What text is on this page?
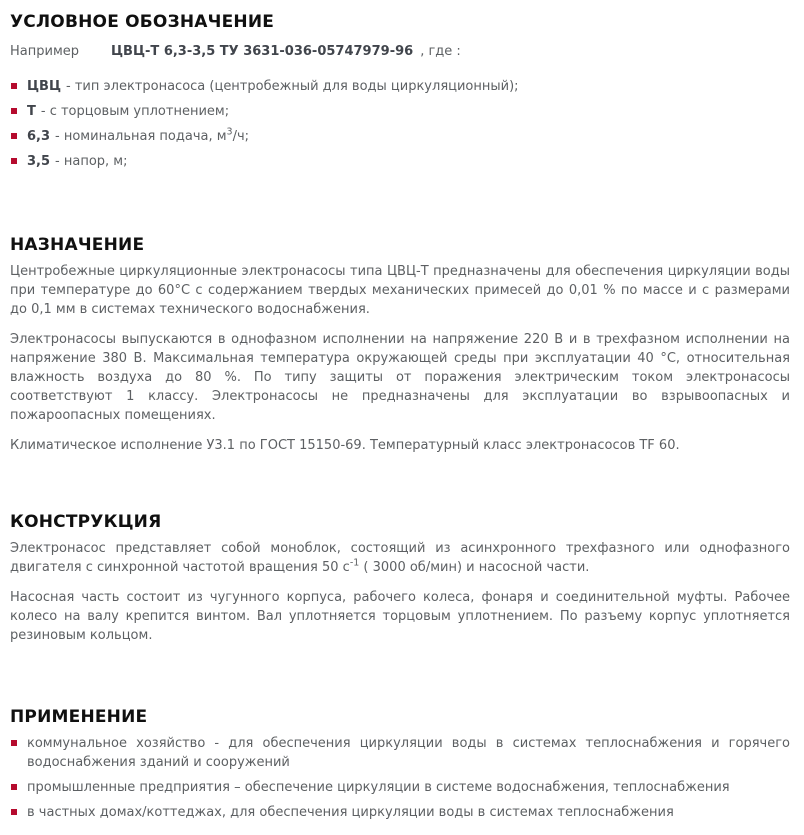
УСЛОВНОЕ ОБОЗНАЧЕНИЕ
Например ЦВЦ-Т 6,3-3,5 ТУ 3631-036-05747979-96 , где :
ЦВЦ - тип электронасоса (центробежный для воды циркуляционный);
Т - с торцовым уплотнением;
6,3 - номинальная подача, $м^3/ч$;
3,5 - напор, м;
НАЗНАЧЕНИЕ

Центробежные циркуляционные электронасосы типа ЦВЦ-Т предназначены для обеспечения циркуляции воды при температуре до 60°С с содержанием твердых механических примесей до 0,01 % по массе и с размерами до 0,1 мм в системах технического водоснабжения.

Электронасосы выпускаются в однофазном исполнении на напряжение 220 В и в трехфазном исполнении на напряжение 380 В. Максимальная температура окружающей среды при эксплуатации 40 °С, относительная влажность воздуха до 80 %. По типу защиты от поражения электрическим током электронасосы соответствуют 1 классу. Электронасосы не предназначены для эксплуатации во взрывоопасных и пожароопасных помещениях.

Климатическое исполнение У3.1 по ГОСТ 15150-69. Температурный класс электронасосов TF 60.

КОНСТРУКЦИЯ

Электронасос представляет собой моноблок, состоящий из асинхронного трехфазного или однофазного двигателя с синхронной частотой вращения 50 $с^{-1}$ ( 3000 об/мин) и насосной части.

Насосная часть состоит из чугунного корпуса, рабочего колеса, фонаря и соединительной муфты. Рабочее колесо на валу крепится винтом. Вал уплотняется торцовым уплотнением. По разъему корпус уплотняется резиновым кольцом.

ПРИМЕНЕНИЕ
коммунальное хозяйство - для обеспечения циркуляции воды в системах теплоснабжения и горячего водоснабжения зданий и сооружений
промышленные предприятия – обеспечение циркуляции в системе водоснабжения, теплоснабжения
в частных домах/коттеджах, для обеспечения циркуляции воды в системах теплоснабжения
